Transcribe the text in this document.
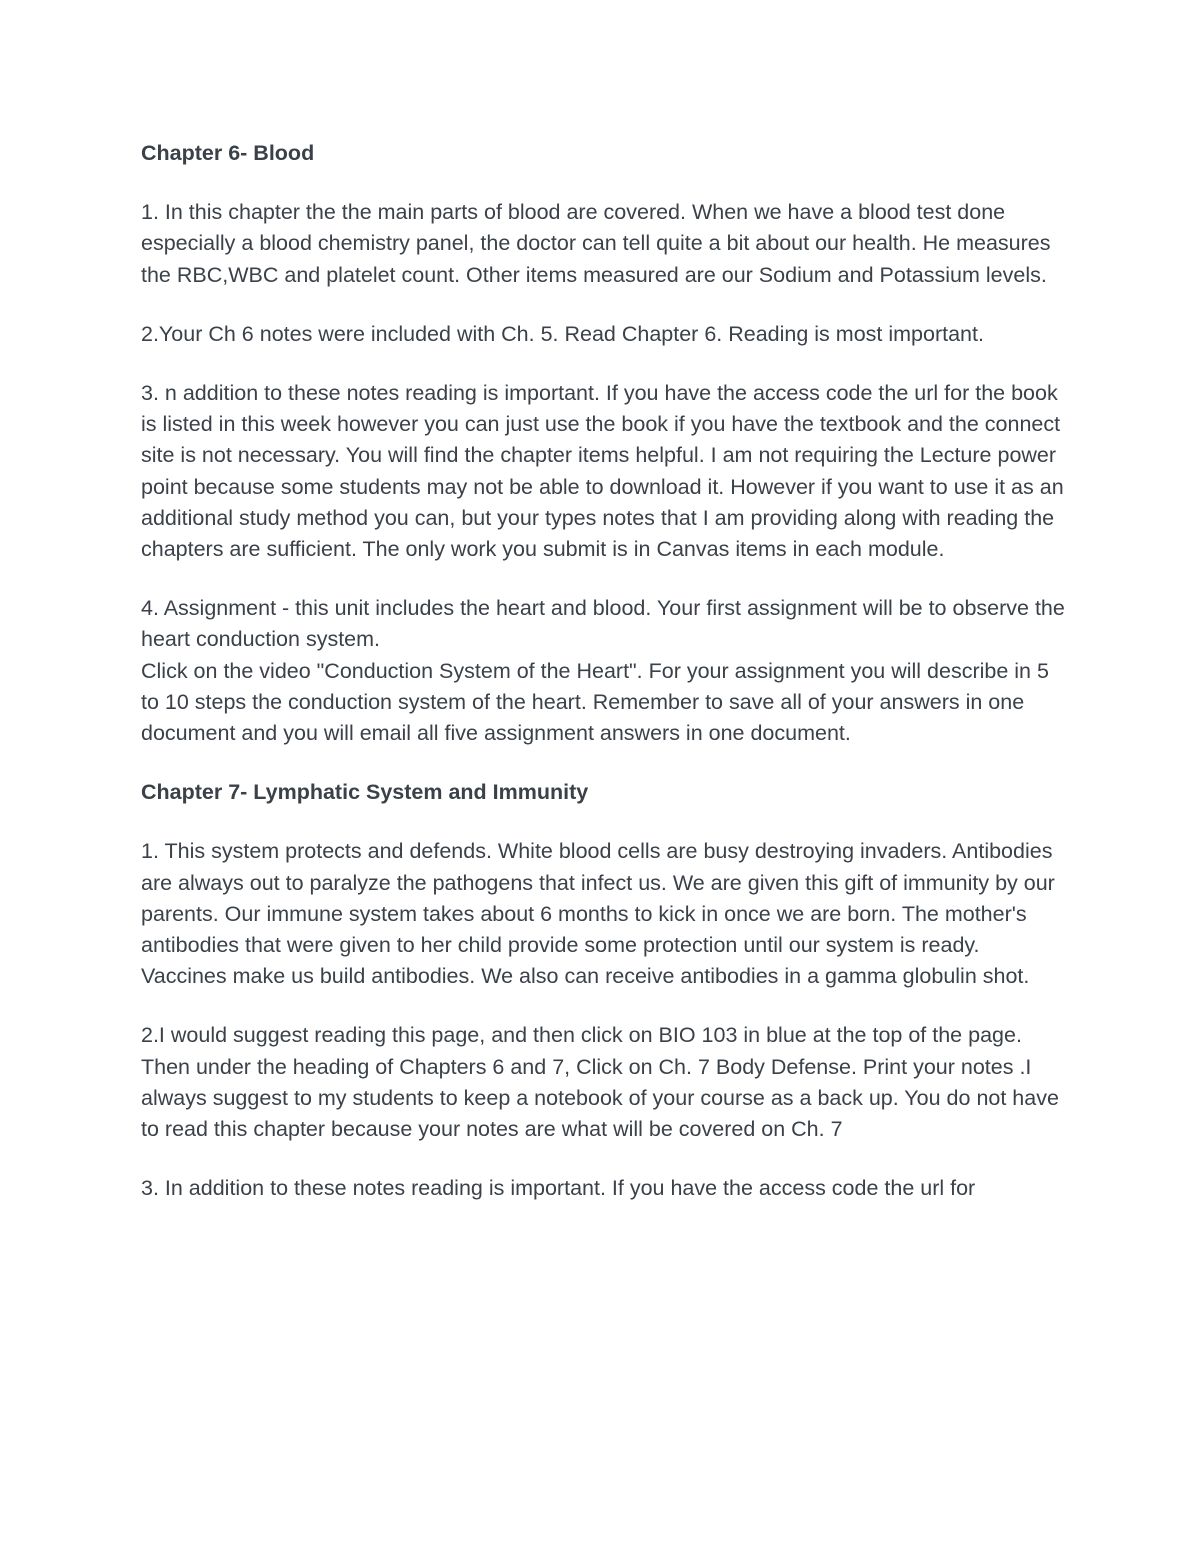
Chapter 6- Blood

1. In this chapter the the main parts of blood are covered. When we have a blood test done especially a blood chemistry panel, the doctor can tell quite a bit about our health. He measures the RBC,WBC and platelet count. Other items measured are our Sodium and Potassium levels.

2.Your Ch 6 notes were included with Ch. 5. Read Chapter 6. Reading is most important.

3. n addition to these notes reading is important. If you have the access code the url for the book is listed in this week however you can just use the book if you have the textbook and the connect site is not necessary. You will find the chapter items helpful. I am not requiring the Lecture power point because some students may not be able to download it. However if you want to use it as an additional study method you can, but your types notes that I am providing along with reading the chapters are sufficient. The only work you submit is in Canvas items in each module.

4. Assignment - this unit includes the heart and blood. Your first assignment will be to observe the heart conduction system.

Click on the video "Conduction System of the Heart". For your assignment you will describe in 5 to 10 steps the conduction system of the heart. Remember to save all of your answers in one document and you will email all five assignment answers in one document.

Chapter 7- Lymphatic System and Immunity

1. This system protects and defends. White blood cells are busy destroying invaders. Antibodies are always out to paralyze the pathogens that infect us. We are given this gift of immunity by our parents. Our immune system takes about 6 months to kick in once we are born. The mother's antibodies that were given to her child provide some protection until our system is ready. Vaccines make us build antibodies. We also can receive antibodies in a gamma globulin shot.

2.I would suggest reading this page, and then click on BIO 103 in blue at the top of the page. Then under the heading of Chapters 6 and 7, Click on Ch. 7 Body Defense. Print your notes .I always suggest to my students to keep a notebook of your course as a back up. You do not have to read this chapter because your notes are what will be covered on Ch. 7

3. In addition to these notes reading is important. If you have the access code the url for
